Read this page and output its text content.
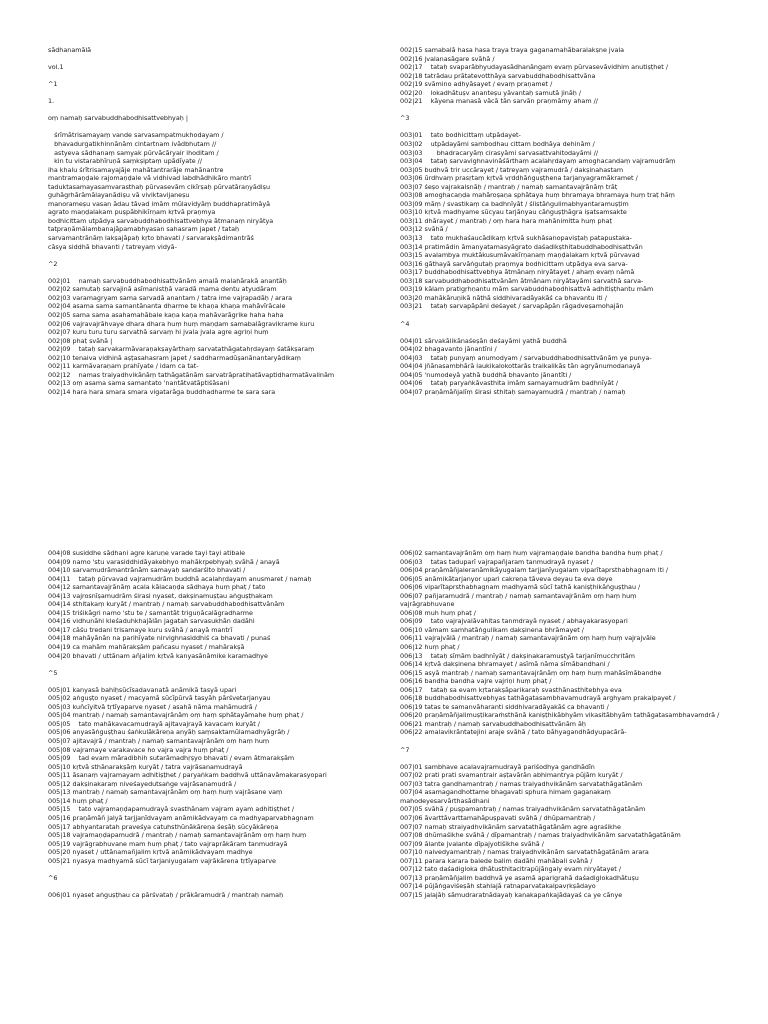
sādhanamālā

vol.1

^1

1.

oṃ namaḥ sarvabuddhabodhisattvebhyaḥ |

śrīmātrisamayaṃ vande sarvasampatmukhodayam /
bhavadurgatikhinnānām cintartnam ivādbhutam //
astyeva sādhanaṃ samyak pūrvācāryair ihoditam /
kin tu vistarabhīruṇā saṃkṣiptaṃ upādīyate //
iha khalu śrītrisamayajāje mahātantrarāje mahānantre
mantramaṇḍale rajomaṇḍale vā vidhivad labdhādhikāro mantrī
taduktasamayasamvarasthaḥ pūrvasevām cikīrṣaḥ pūrvatāraṇyādiṣu
guhāgrhārāmālayanādiṣu vā viviktavijaneṣu
manorameṣu vasan ādau tāvad imām mūlavidyāṃ buddhapratimāyā
agrato maṇḍalakam puṣpābhikīrṇam kṛtvā praṇmya
bodhicittam utpādya sarvabuddhabodhisattvebhya ātmanaṃ niryātya
tatpraṇāmālambanajāpamabhyasan sahasram japet / tataḥ
sarvamantrānāṃ lakṣajāpaḥ kṛto bhavati / sarvarakṣādimantrāś
cāsya siddhā bhavanti / tatreyaṃ vidyā-

^2

002|01    namaḥ sarvabuddhabodhisattvānām amalā malahārakā anantāḥ
002|02 samutaḥ sarvajinā asīmanistḥā varadā mama dentu atyudāram
002|03 varamagryam sama sarvadā anantam / tatra ime vajrapadāḥ / arara
002|04 asama sama samantānanta dharme te khaṇa khaṇa mahāvīrācale
002|05 sama sama asahamahābale kaṇa kaṇa mahāvarāgrike haha haha
002|06 vajravajrāhvaye dhara dhara huṃ huṃ maṇḍam samabalāgravikrame kuru
002|07 kuru turu turu sarvathā sarvaṃ hi jvala jvala agre agriṇi huṃ
002|08 phaṭ svāhā |
002|09    tataḥ sarvakarmāvaraṇakṣayārthaṃ sarvatathāgatahṛdayaṃ śatākṣaraṃ
002|10 tenaiva vidhinā aṣṭasahasram japet / saddharmadūṣanānantaryādikaṃ
002|11 karmāvaraṇam prahīyate / idam ca tat-
002|12    namas traiyadhvikānāṃ tathāgatānām sarvatrāpratihatāvaptidharmatāvalinām
002|13 oṃ asama sama samantato 'nantātvatāptiśāsani
002|14 hara hara smara smara vigatarāga buddhadharme te sara sara
002|15 samabalā hasa hasa traya traya gaganamahābaralakṣne jvala
002|16 jvalanasāgare svāhā /
002|17    tataḥ svaparābhyudayasādhanāngam evaṃ pūrvasevāvidhim anutiṣṭhet /
002|18 tatrādau prātatevotthāya sarvabuddhabodhisattvāna
002|19 svāmino adhyāsayet / evaṃ praṇamet /
002|20    lokadhātuṣv ananteṣu yāvantaḥ samutā jināḥ /
002|21    kāyena manasā vācā tān sarvān praṇmāmy aham //

^3

003|01    tato bodhicittaṃ utpādayet-
003|02    utpādayāmi sambodhau cittam bodhāya dehinām /
003|03       bhadracaryāṃ cirasyāmi sarvasattvahitodayāmi //
003|04    tataḥ sarvavighnavināśārthaṃ acalahṛdayaṃ amoghacandaṃ vajramudrāṃ
003|05 budhvā trir uccārayet / tatreyaṃ vajramudrā / dakṣinahastam
003|06 ūrdhvaṃ prasṛtaṃ kṛtvā vṛddhāṅguṣṭhena tarjanyagramākramet /
003|07 śeṣo vajrakalsnāḥ / mantraḥ / namaḥ samantavajrānāṃ trāṭ
003|08 amoghacaṇḍa mahāroṣaṇa sphātaya huṃ bhramaya bhramaya huṃ traṭ hāṃ
003|09 māṃ / svastikaṃ ca badhnīyāt / ślistāṅgulimabhyantaramuṣṭim
003|10 kṛtvā madhyame sūcyau tarjānyau cāṅguṣṭhāgra iṣatsamsakte
003|11 dhārayet / mantraḥ / oṃ hara hara mahānimitta huṃ phaṭ
003|12 svāhā /
003|13    tato mukhaśaucādikaṃ kṛtvā sukhāsanopaviṣṭaḥ patapustaka-
003|14 pratimādin āmanyatamasyāgrato daśadikṣthitabuddhabodhisattvān
003|15 avalambya muktākusumāvakīrṇanaṃ maṇḍalakam kṛtvā pūrvavad
003|16 gāthayā sarvāṅgutaḥ praṇmya bodhicittam utpādya eva sarva-
003|17 buddhabodhisattvebhya ātmānaṃ niryātayet / ahaṃ evaṃ nāmā
003|18 sarvabuddhabodhisattvānām ātmānam niryātayāmi sarvathā sarva-
003|19 kālam pratigṛhṇantu mām sarvabuddhabodhisattvā adhitiṣṭhantu mām
003|20 mahākāruṇikā nāthā siddhivaradāyakāś ca bhavantu iti /
003|21    tataḥ sarvapāpāni deśayet / sarvapāpān rāgadveṣamohajān

^4

004|01 sārvakālikānaśeṣān deśayāmi yathā buddhā
004|02 bhagavanto jānantīni /
004|03    tataḥ punyaṃ anumodyam / sarvabuddhabodhisattvānām ye punya-
004|04 jñānasambhārā laukikalokottarās traikalikās tān agryānumodanayā
004|05 'numodeyā yathā buddhā bhavanto jānantīti /
004|06    tataḥ paryaṅkāvasthita imām samayamudrām badhnīyāt /
004|07 praṇāmāñjalīṃ śirasi sthitaḥ samayamudrā / mantraḥ / namaḥ
004|08 susiddhe sādhani agre karuṇe varade tayi tayi atibale
004|09 namo 'stu varasiddhidāyakebhyo mahākrpebhyaḥ svāhā / anayā
004|10 sarvamudrāmantrānām samayaḥ sandarśito bhavati /
004|11    tataḥ pūrvavad vajramudrām buddhā acalahṛdayam anusmaret / namaḥ
004|12 samantavajrānāṃ acala kālacaṇḍa sādhaya huṃ phaṭ / tato
004|13 vajrosnīṣamudrām śirasi nyaset, dakṣinamuṣṭau aṅguṣṭhakam
004|14 sthitakaṃ kuryāt / mantraḥ / namaḥ sarvabuddhabodhisattvānām
004|15 triśikāgri namo 'stu te / samantāt triguṇācalāgradharme
004|16 vidhunāhi kleśaduhkhajālān jagatah sarvasukhān dadāhi
004|17 cāśu tredani trisamaye kuru svāhā / anayā mantrī
004|18 mahāyānān na parihīyate nirvighnasiddhiś ca bhavati / punaś
004|19 ca mahām mahārakṣām pañcasu nyaset / mahārakṣā
004|20 bhavati / uttānam añjalim kṛtvā kanyasānāmike karamadhye

^5

005|01 kanyasā bahiḥsūcīsadavanatā anāmikā tasyā upari
005|02 aṅguṣṭo nyaset / macyamā sūcīpūrvā tasyāh pārśvetarjanyau
005|03 kuñcīyitvā tṛtīyaparve nyaset / asahā nāma mahāmudrā /
005|04 mantraḥ / namaḥ samantavajrānām oṃ haṃ sphātayāmahe huṃ phaṭ /
005|05    tato mahākavacamudrayā ajitavajrayā kavacam kuryāt /
005|06 anyasāṅguṣṭhau śaṅkulākāreṇa anyāḥ saṃsaktamūlamadhyāgrāḥ /
005|07 ajitavajrā / mantraḥ / namaḥ samantavajrānām oṃ haṃ huṃ
005|08 vajramaye varakavace ho vajra vajra huṃ phaṭ /
005|09    tad evam māradibhih sutarāmadhṛṣyo bhavati / evam ātmarakṣām
005|10 kṛtvā sthānarakṣāṃ kuryāt / tatra vajrāsanamudrayā
005|11 āsanaṃ vajramayam adhitiṣṭhet / paryaṅkam baddhvā uttānavāmakarasyopari
005|12 dakṣinakaraṃ niveśayedutsaṅge vajrāsanamudrā /
005|13 mantraḥ / namaḥ samantavajrānām oṃ haṃ huṃ vajrāsane vaṃ
005|14 huṃ phaṭ /
005|15    tato vajramaṇḍapamudrayā svasthānam vajram ayam adhitiṣṭhet /
005|16 praṇāmāñ jalyā tarjjanīdvayam anāmikādvayaṃ ca madhyaparvabhagnam
005|17 abhyantaratah praveśya catuhsthūnākāreṇa śeṣāḥ sūcyākāreṇa
005|18 vajramaṇḍapamudrā / mantraḥ / namaḥ samantavajrānām oṃ haṃ huṃ
005|19 vajrāgrabhuvane mam huṃ phaṭ / tato vajraprākāram tanmudrayā
005|20 nyaset / uttānamañjalim kṛtvā anāmikādvayam madhye
005|21 nyasya madhyamā sūcī tarjaniyugalam vajrākārena tṛtīyaparve

^6

006|01 nyaset aṅguṣṭhau ca pārśvataḥ / prākāramudrā / mantraḥ namaḥ
006|02 samantavajrānām oṃ haṃ huṃ vajramaṇḍale bandha bandha huṃ phaṭ /
006|03    tatas taduparī vajrapañjaram tanmudrayā nyaset /
006|04 praṇāmāñjaleranāmikāyugalam tarjjanīyugalam viparītaprsthabhagnam iti /
006|05 anāmikātarjanyor upari cakreṇa tāveva deyau ta eva deye
006|06 viparītaprsthabhagnam madhyamā sūcī tathā kaniṣṭhikāṅguṣṭhau /
006|07 pañjaramudrā / mantraḥ / namaḥ samantavajrānām oṃ haṃ huṃ
vajrāgrabhuvane
006|08 muh huṃ phaṭ /
006|09    tato vajrajvalāvahitas tanmdrayā nyaset / abhayakarasyopari
006|10 vāmam samhatāṅgulikam dakṣinena bhrāmayet /
006|11 vajrajvālā / mantraḥ / namaḥ samantavajrānām oṃ haṃ huṃ vajrajvāle
006|12 huṃ phaṭ /
006|13    tataḥ sīmām badhnīyāt / dakṣinakaramuṣṭyā tarjanīmucchritām
006|14 kṛtvā dakṣinena bhramayet / asīmā nāma sīmābandhani /
006|15 asyā mantraḥ / namaḥ samantavajrānāṃ oṃ haṃ huṃ mahāsīmābandhe
006|16 bandha bandha vajre vajriṇi huṃ phaṭ /
006|17    tataḥ sa evam kṛtarakṣāparikaraḥ svasthānasthitebhya eva
006|18 buddhabodhisattvebhyas tathāgatasambhavamudrayā arghyam prakalpayet /
006|19 tatas te samanvāharanti siddhivaradāyakāś ca bhavanti /
006|20 praṇāmāñjalimuṣṭikaraṁsthānā kaniṣṭhikābhyām vikasitābhyām tathāgatasambhavamdrā /
006|21 mantraḥ / namaḥ sarvabuddhabodhisattvānām āḥ
006|22 amalavikrāntatejini araje svāhā / tato bāhyagandhādyupacārā-

^7

007|01 sambhave acalavajramudrayā pariśodhya gandhādīn
007|02 prati prati svamantrair aṣṭavārān abhimantrya pūjām kuryāt /
007|03 tatra gandhamantraḥ / namas traiyadhvikānām sarvatathāgatānām
007|04 asamagandhottame bhagavati sphura himam gaganakaṃ
mahodeyesarvārthasādhani
007|05 svāhā / puṣpamantraḥ / namas traiyadhvikānām sarvatathāgatānām
007|06 āvarttāvarttamahāpuṣpavati svāhā / dhūpamantraḥ /
007|07 namaḥ straiyadhvikānām sarvatathāgatānām agre agraśikhe
007|08 dhūmaśikhe svāhā / dīpamantraḥ / namas traiyadhvikānām sarvatathāgatānām
007|09 ālante jvalante dīpajyotiśikhe svāhā /
007|10 naivedyamantraḥ / namas traiyadhvikānām sarvatathāgatānām arara
007|11 parara karara balede balim dadāhi mahābali svāhā /
007|12 tato daśadigloka dhātusthitacitrapūjāngaiy evam niryātayet /
007|13 praṇāmāñjalim baddhvā ye asamā aparigrahā daśadiglokadhātuṣu
007|14 pūjāṅgaviśeṣāh stahlajā ratnaparvatakalpavṛkṣādayo
007|15 jalajāḥ sāmudraratnādayaḥ kanakapaṅkajādayaś ca ye cānye
